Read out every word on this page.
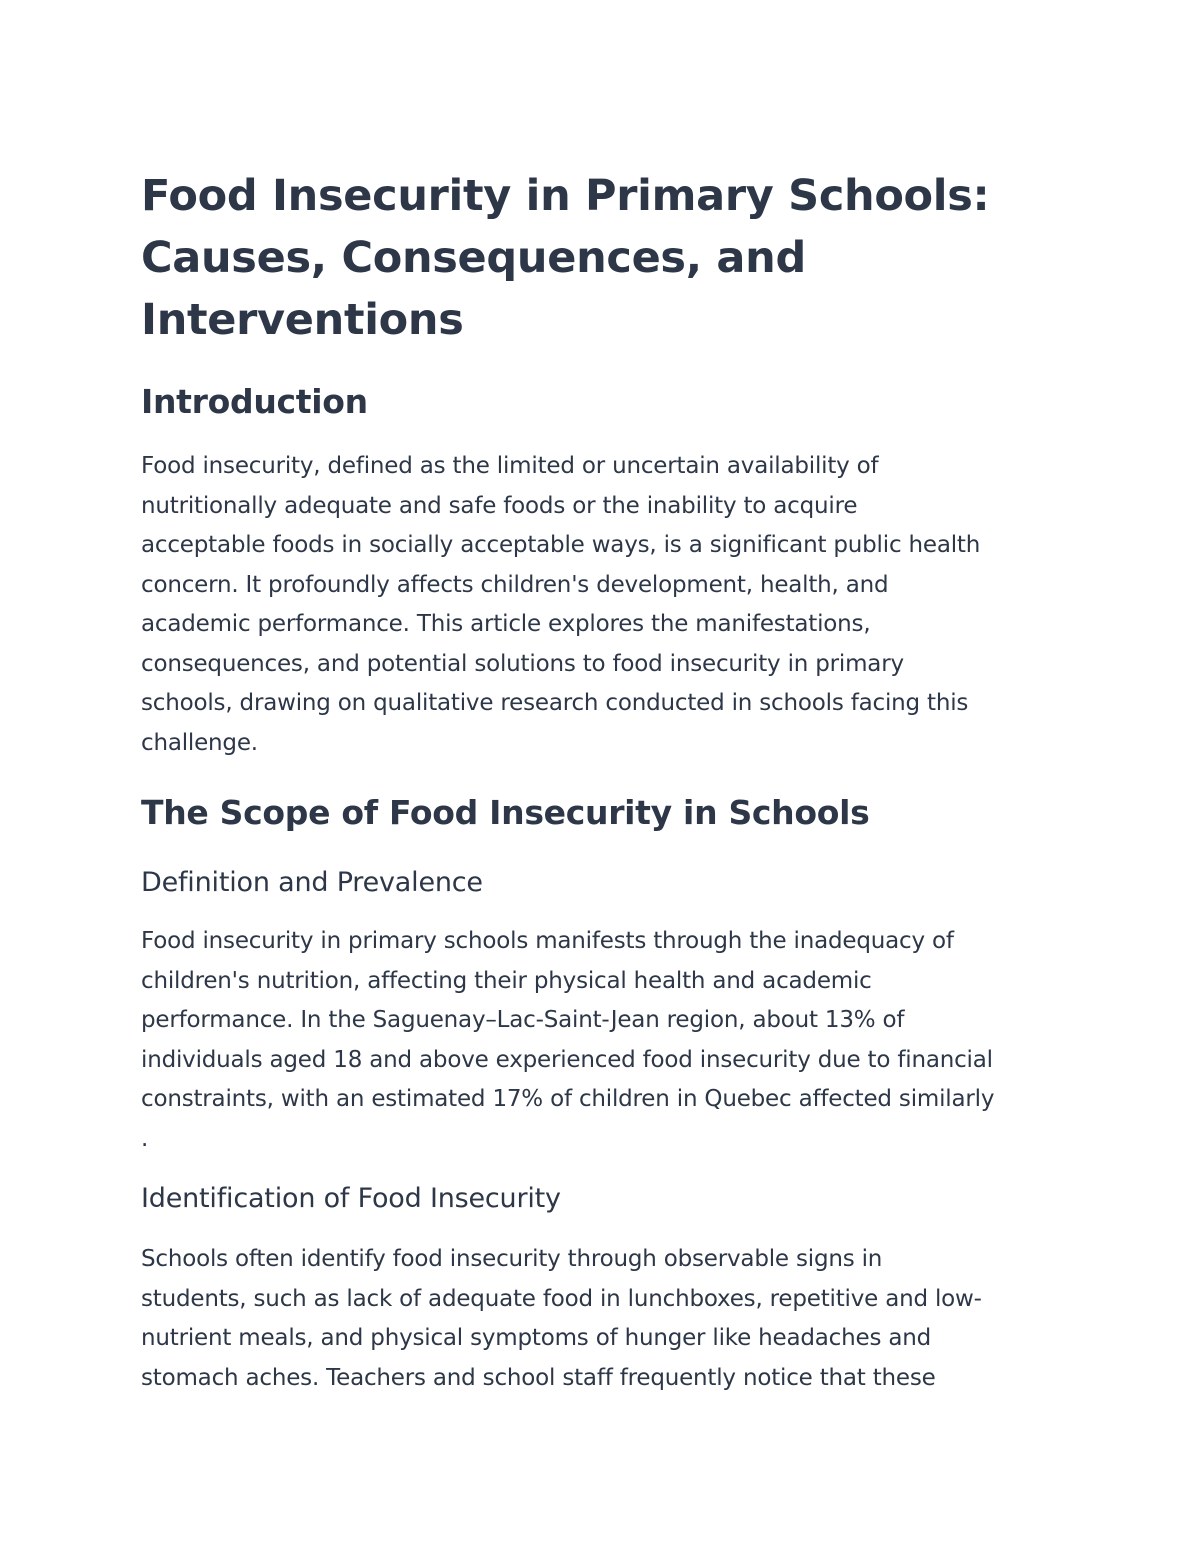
Food Insecurity in Primary Schools: Causes, Consequences, and Interventions
Introduction
Food insecurity, defined as the limited or uncertain availability of
nutritionally adequate and safe foods or the inability to acquire
acceptable foods in socially acceptable ways, is a significant public health
concern. It profoundly affects children's development, health, and
academic performance. This article explores the manifestations,
consequences, and potential solutions to food insecurity in primary
schools, drawing on qualitative research conducted in schools facing this
challenge.
The Scope of Food Insecurity in Schools
Definition and Prevalence
Food insecurity in primary schools manifests through the inadequacy of
children's nutrition, affecting their physical health and academic
performance. In the Saguenay–Lac-Saint-Jean region, about 13% of
individuals aged 18 and above experienced food insecurity due to financial
constraints, with an estimated 17% of children in Quebec affected similarly
.
Identification of Food Insecurity
Schools often identify food insecurity through observable signs in
students, such as lack of adequate food in lunchboxes, repetitive and low-
nutrient meals, and physical symptoms of hunger like headaches and
stomach aches. Teachers and school staff frequently notice that these
